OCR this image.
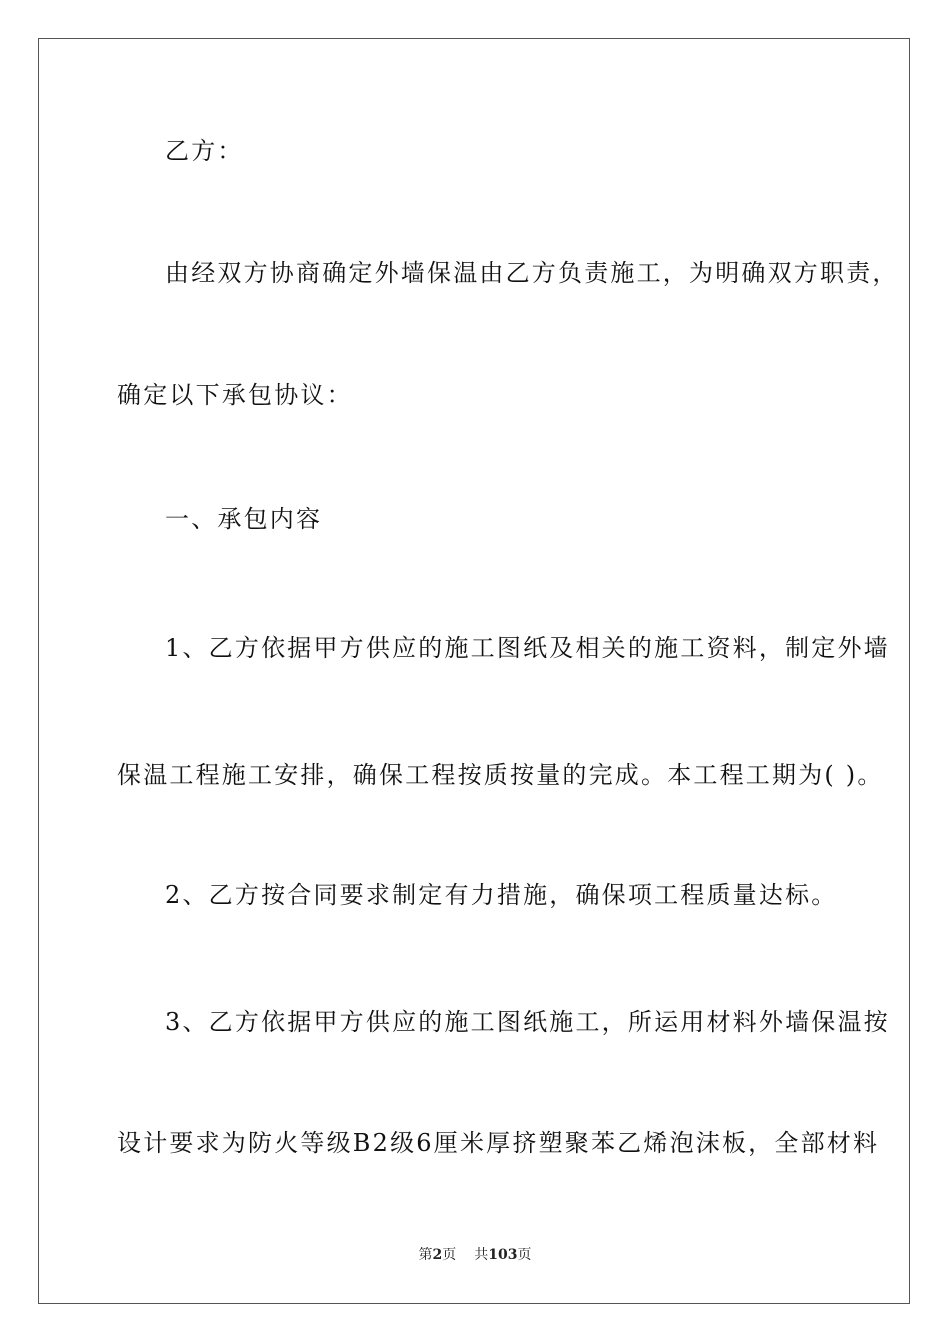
乙方：
由经双方协商确定外墙保温由乙方负责施工，为明确双方职责，
确定以下承包协议：
一、承包内容
1、乙方依据甲方供应的施工图纸及相关的施工资料，制定外墙
保温工程施工安排，确保工程按质按量的完成。本工程工期为( )。
2、乙方按合同要求制定有力措施，确保项工程质量达标。
3、乙方依据甲方供应的施工图纸施工，所运用材料外墙保温按
设计要求为防火等级B2级6厘米厚挤塑聚苯乙烯泡沫板，全部材料
第2页 共103页
